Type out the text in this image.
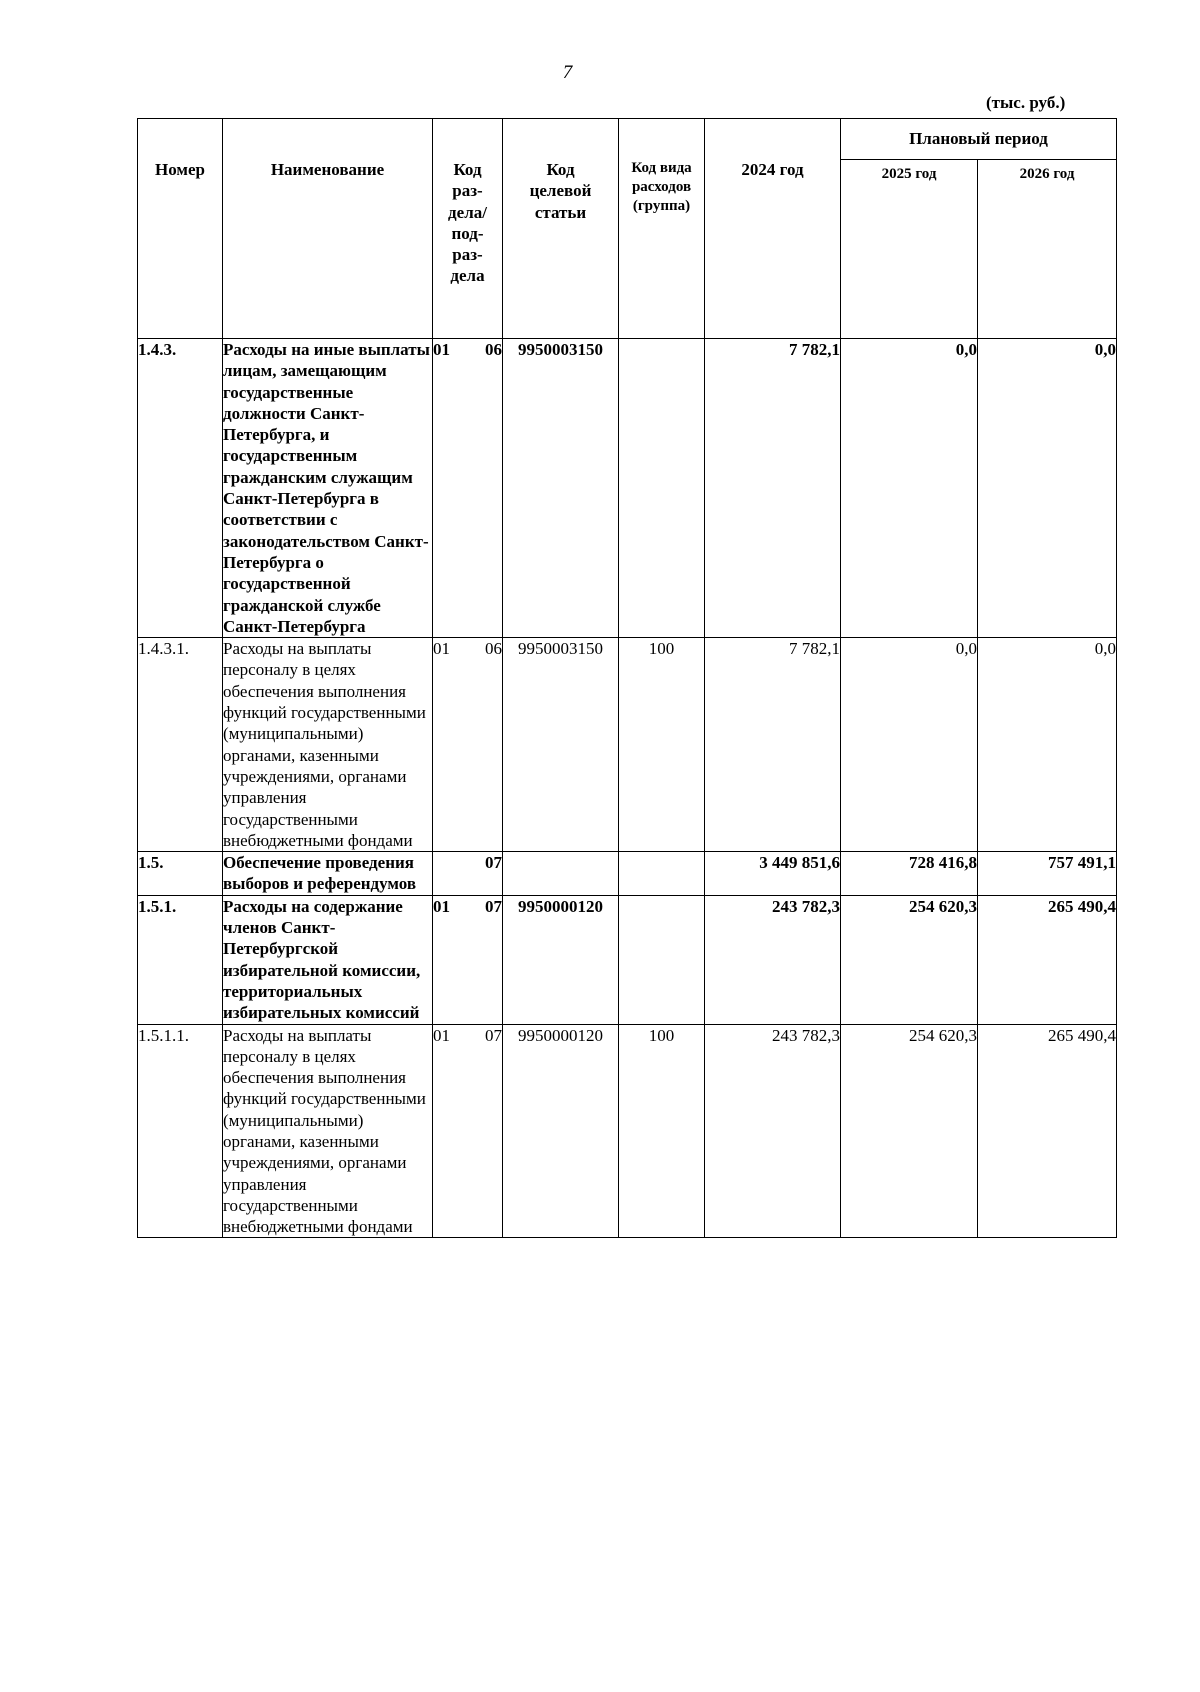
7
(тыс. руб.)
Номер	Наименование	Код раз- дела/ под- раз- дела	Код целевой статьи	Код вида расходов (группа)	2024 год	Плановый период	

						2025 год	2026 год

1.4.3.	Расходы на иные выплаты лицам, замещающим государственные должности Санкт-Петербурга, и государственным гражданским служащим Санкт-Петербурга в соответствии с законодательством Санкт-Петербурга о государственной гражданской службе Санкт-Петербурга	01 06	9950003150		7 782,1	0,0	0,0
1.4.3.1.	Расходы на выплаты персоналу в целях обеспечения выполнения функций государственными (муниципальными) органами, казенными учреждениями, органами управления государственными внебюджетными фондами	01 06	9950003150	100	7 782,1	0,0	0,0
1.5.	Обеспечение проведения выборов и референдумов	07			3 449 851,6	728 416,8	757 491,1
1.5.1.	Расходы на содержание членов Санкт-Петербургской избирательной комиссии, территориальных избирательных комиссий	01 07	9950000120		243 782,3	254 620,3	265 490,4
1.5.1.1.	Расходы на выплаты персоналу в целях обеспечения выполнения функций государственными (муниципальными) органами, казенными учреждениями, органами управления государственными внебюджетными фондами	01 07	9950000120	100	243 782,3	254 620,3	265 490,4
